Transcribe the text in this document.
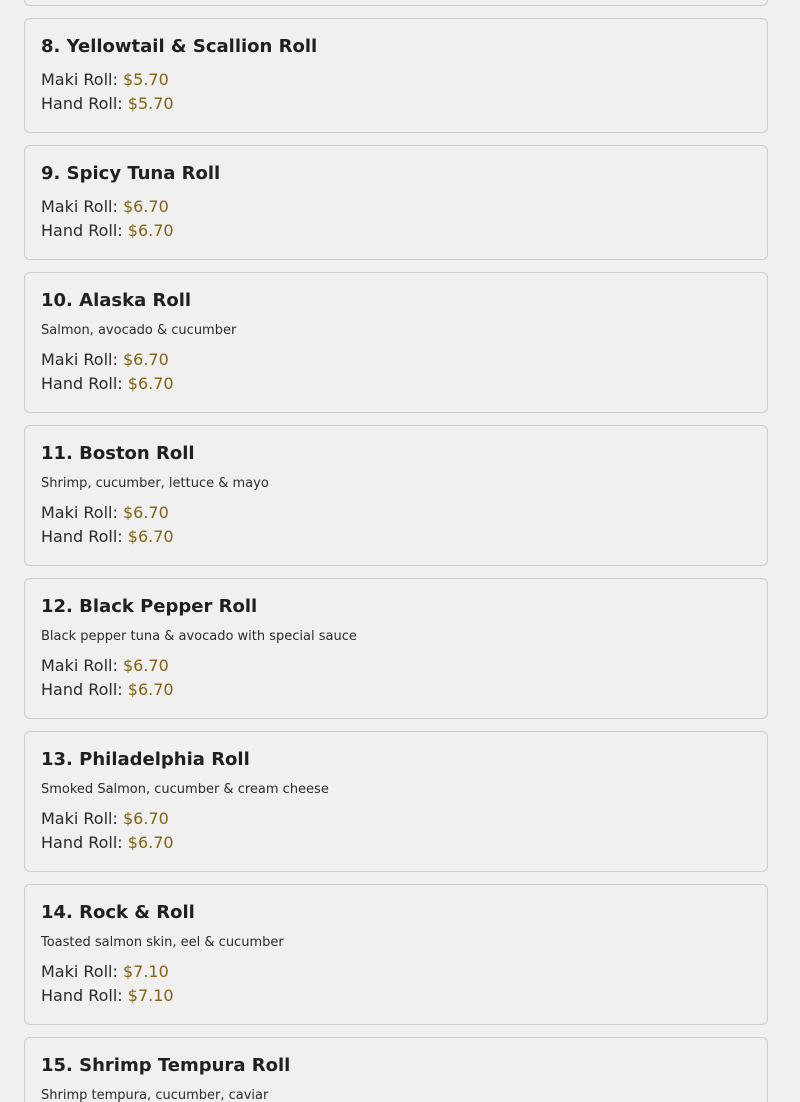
8. Yellowtail & Scallion Roll
Maki Roll: $5.70
Hand Roll: $5.70
9. Spicy Tuna Roll
Maki Roll: $6.70
Hand Roll: $6.70
10. Alaska Roll
Salmon, avocado & cucumber
Maki Roll: $6.70
Hand Roll: $6.70
11. Boston Roll
Shrimp, cucumber, lettuce & mayo
Maki Roll: $6.70
Hand Roll: $6.70
12. Black Pepper Roll
Black pepper tuna & avocado with special sauce
Maki Roll: $6.70
Hand Roll: $6.70
13. Philadelphia Roll
Smoked Salmon, cucumber & cream cheese
Maki Roll: $6.70
Hand Roll: $6.70
14. Rock & Roll
Toasted salmon skin, eel & cucumber
Maki Roll: $7.10
Hand Roll: $7.10
15. Shrimp Tempura Roll
Shrimp tempura, cucumber, caviar
